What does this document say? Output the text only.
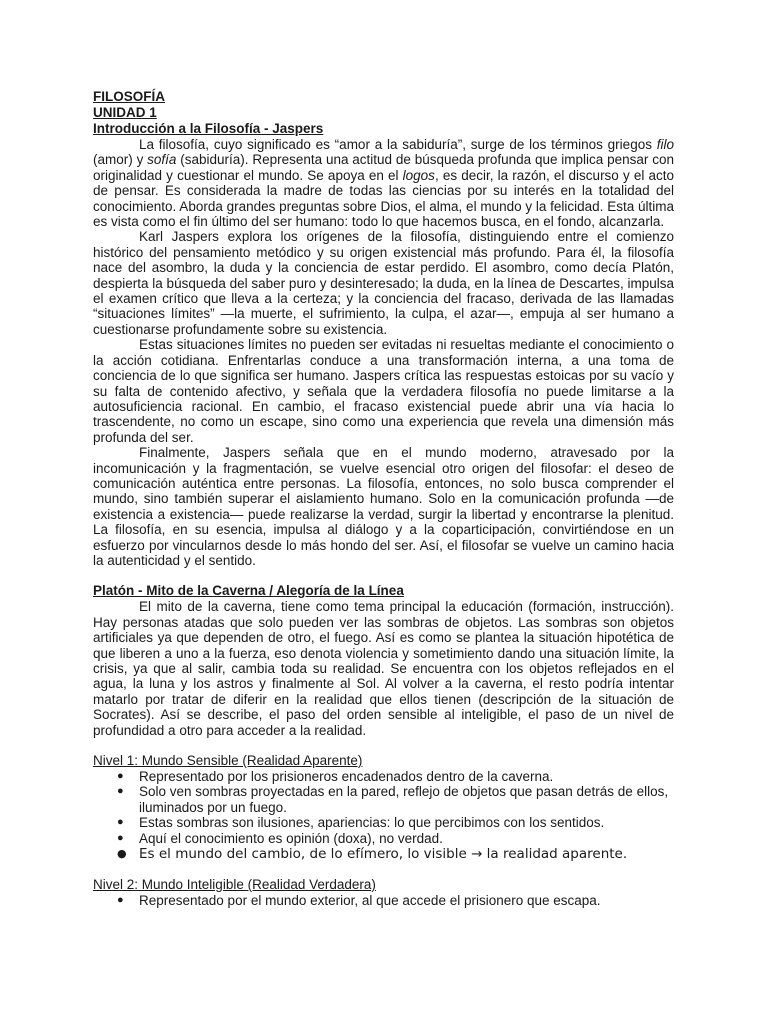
FILOSOFÍA
UNIDAD 1
Introducción a la Filosofía - Jaspers

La filosofía, cuyo significado es “amor a la sabiduría”, surge de los términos griegos filo (amor) y sofía (sabiduría). Representa una actitud de búsqueda profunda que implica pensar con originalidad y cuestionar el mundo. Se apoya en el logos, es decir, la razón, el discurso y el acto de pensar. Es considerada la madre de todas las ciencias por su interés en la totalidad del conocimiento. Aborda grandes preguntas sobre Dios, el alma, el mundo y la felicidad. Esta última es vista como el fin último del ser humano: todo lo que hacemos busca, en el fondo, alcanzarla.

Karl Jaspers explora los orígenes de la filosofía, distinguiendo entre el comienzo histórico del pensamiento metódico y su origen existencial más profundo. Para él, la filosofía nace del asombro, la duda y la conciencia de estar perdido. El asombro, como decía Platón, despierta la búsqueda del saber puro y desinteresado; la duda, en la línea de Descartes, impulsa el examen crítico que lleva a la certeza; y la conciencia del fracaso, derivada de las llamadas “situaciones límites” —la muerte, el sufrimiento, la culpa, el azar—, empuja al ser humano a cuestionarse profundamente sobre su existencia.

Estas situaciones límites no pueden ser evitadas ni resueltas mediante el conocimiento o la acción cotidiana. Enfrentarlas conduce a una transformación interna, a una toma de conciencia de lo que significa ser humano. Jaspers crítica las respuestas estoicas por su vacío y su falta de contenido afectivo, y señala que la verdadera filosofía no puede limitarse a la autosuficiencia racional. En cambio, el fracaso existencial puede abrir una vía hacia lo trascendente, no como un escape, sino como una experiencia que revela una dimensión más profunda del ser.

Finalmente, Jaspers señala que en el mundo moderno, atravesado por la incomunicación y la fragmentación, se vuelve esencial otro origen del filosofar: el deseo de comunicación auténtica entre personas. La filosofía, entonces, no solo busca comprender el mundo, sino también superar el aislamiento humano. Solo en la comunicación profunda —de existencia a existencia— puede realizarse la verdad, surgir la libertad y encontrarse la plenitud. La filosofía, en su esencia, impulsa al diálogo y a la coparticipación, convirtiéndose en un esfuerzo por vincularnos desde lo más hondo del ser. Así, el filosofar se vuelve un camino hacia la autenticidad y el sentido.

Platón - Mito de la Caverna / Alegoría de la Línea

El mito de la caverna, tiene como tema principal la educación (formación, instrucción). Hay personas atadas que solo pueden ver las sombras de objetos. Las sombras son objetos artificiales ya que dependen de otro, el fuego. Así es como se plantea la situación hipotética de que liberen a uno a la fuerza, eso denota violencia y sometimiento dando una situación límite, la crisis, ya que al salir, cambia toda su realidad. Se encuentra con los objetos reflejados en el agua, la luna y los astros y finalmente al Sol. Al volver a la caverna, el resto podría intentar matarlo por tratar de diferir en la realidad que ellos tienen (descripción de la situación de Socrates). Así se describe, el paso del orden sensible al inteligible, el paso de un nivel de profundidad a otro para acceder a la realidad.

Nivel 1: Mundo Sensible (Realidad Aparente)
● Representado por los prisioneros encadenados dentro de la caverna.
● Solo ven sombras proyectadas en la pared, reflejo de objetos que pasan detrás de ellos, iluminados por un fuego.
● Estas sombras son ilusiones, apariencias: lo que percibimos con los sentidos.
● Aquí el conocimiento es opinión (doxa), no verdad.
● Es el mundo del cambio, de lo efímero, lo visible → la realidad aparente.
Nivel 2: Mundo Inteligible (Realidad Verdadera)
● Representado por el mundo exterior, al que accede el prisionero que escapa.
